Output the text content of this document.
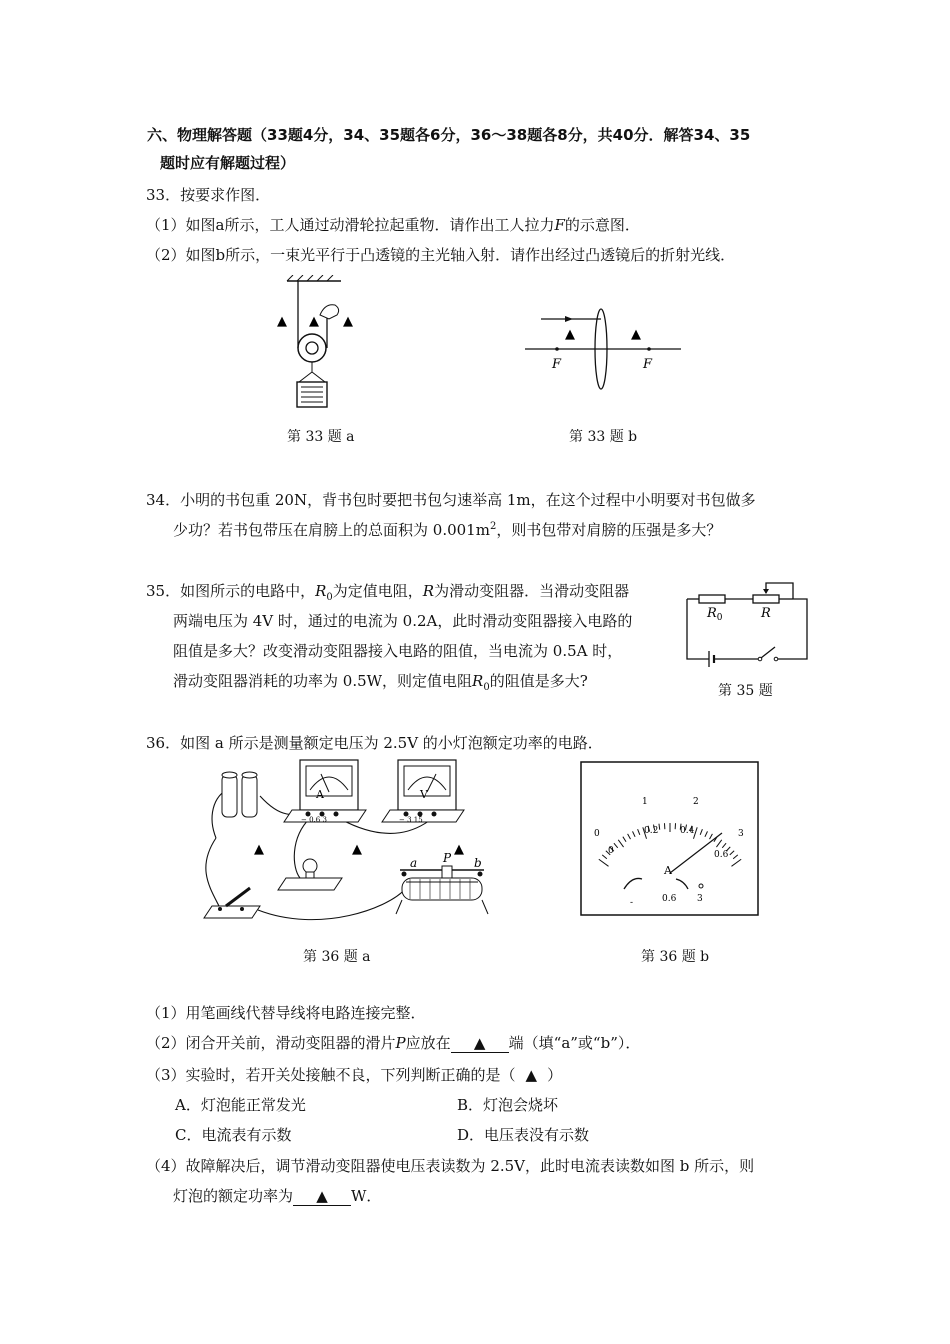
六、物理解答题（33题4分，34、35题各6分，36～38题各8分，共40分．解答34、35
题时应有解题过程）
33．按要求作图．
（1）如图a所示，工人通过动滑轮拉起重物．请作出工人拉力F的示意图．
（2）如图b所示，一束光平行于凸透镜的主光轴入射．请作出经过凸透镜后的折射光线．
▲ ▲ ▲
F	F
▲	▲
第 33 题 a	第 33 题 b
34．小明的书包重 20N，背书包时要把书包匀速举高 1m，在这个过程中小明要对书包做多
少功？若书包带压在肩膀上的总面积为 $0.001m^2$，则书包带对肩膀的压强是多大？
35．如图所示的电路中，$R_0$为定值电阻，R为滑动变阻器．当滑动变阻器
两端电压为 4V 时，通过的电流为 0.2A，此时滑动变阻器接入电路的
阻值是多大？改变滑动变阻器接入电路的阻值，当电流为 0.5A 时，
滑动变阻器消耗的功率为 0.5W，则定值电阻$R_0$的阻值是多大?
$R_0$	R
第 35 题
36．如图 a 所示是测量额定电压为 2.5V 的小灯泡额定功率的电路．
A
− 0.6 3
V
− 3 15
a P b
▲	▲	▲
0
1	2
3
0
0.2 0.4
0.6
A
-	0.6 3
第 36 题 a	第 36 题 b
（1）用笔画线代替导线将电路连接完整．
（2）闭合开关前，滑动变阻器的滑片P应放在 ▲ 端（填“a”或“b”）．
（3）实验时，若开关处接触不良，下列判断正确的是（ ▲ ）
A．灯泡能正常发光	B．灯泡会烧坏
C．电流表有示数	D．电压表没有示数
（4）故障解决后，调节滑动变阻器使电压表读数为 2.5V，此时电流表读数如图 b 所示，则
灯泡的额定功率为 ▲ W．
